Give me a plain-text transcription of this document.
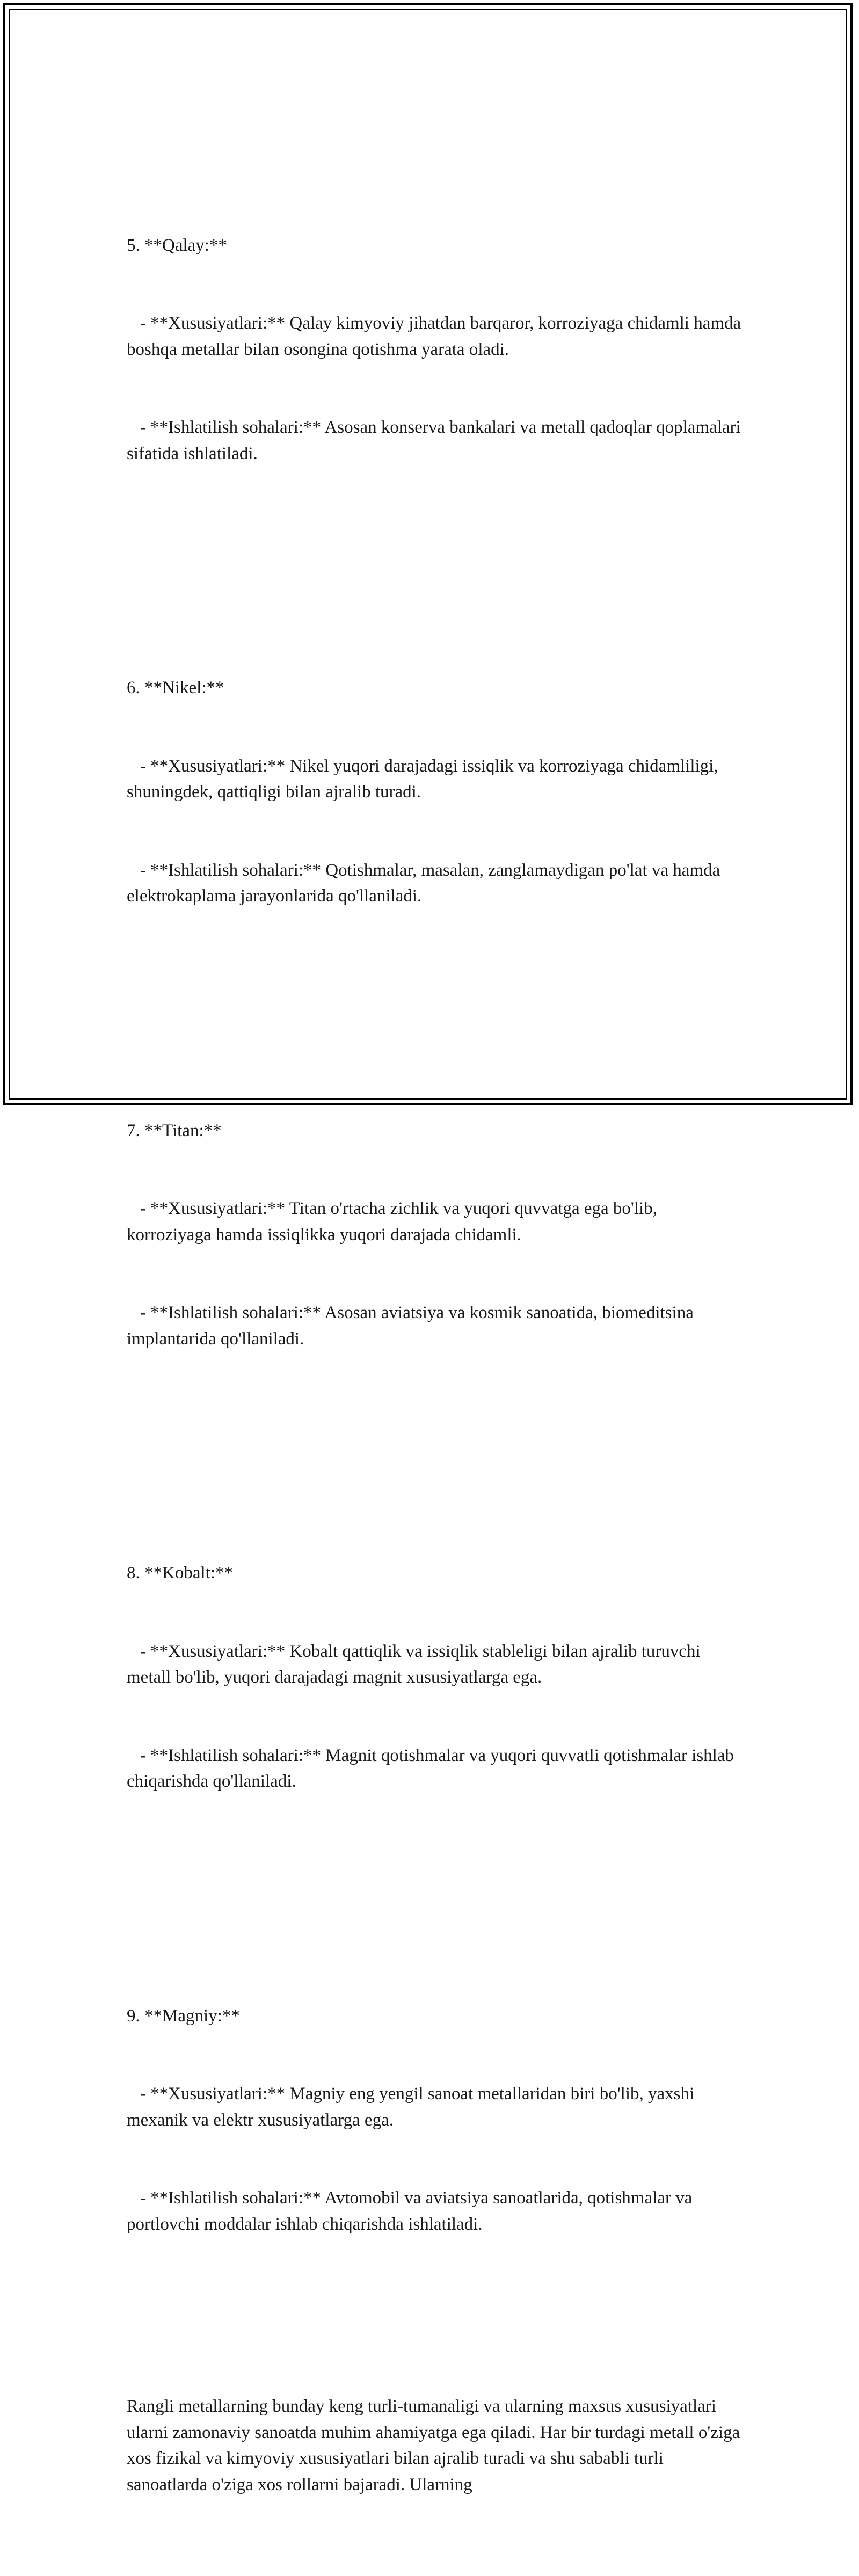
5. **Qalay:**

- **Xususiyatlari:** Qalay kimyoviy jihatdan barqaror, korroziyaga chidamli hamda boshqa metallar bilan osongina qotishma yarata oladi.

- **Ishlatilish sohalari:** Asosan konserva bankalari va metall qadoqlar qoplamalari sifatida ishlatiladi.

6. **Nikel:**

- **Xususiyatlari:** Nikel yuqori darajadagi issiqlik va korroziyaga chidamliligi, shuningdek, qattiqligi bilan ajralib turadi.

- **Ishlatilish sohalari:** Qotishmalar, masalan, zanglamaydigan po'lat va hamda elektrokaplama jarayonlarida qo'llaniladi.

7. **Titan:**

- **Xususiyatlari:** Titan o'rtacha zichlik va yuqori quvvatga ega bo'lib, korroziyaga hamda issiqlikka yuqori darajada chidamli.

- **Ishlatilish sohalari:** Asosan aviatsiya va kosmik sanoatida, biomeditsina implantarida qo'llaniladi.

8. **Kobalt:**

- **Xususiyatlari:** Kobalt qattiqlik va issiqlik stableligi bilan ajralib turuvchi metall bo'lib, yuqori darajadagi magnit xususiyatlarga ega.

- **Ishlatilish sohalari:** Magnit qotishmalar va yuqori quvvatli qotishmalar ishlab chiqarishda qo'llaniladi.

9. **Magniy:**

- **Xususiyatlari:** Magniy eng yengil sanoat metallaridan biri bo'lib, yaxshi mexanik va elektr xususiyatlarga ega.

- **Ishlatilish sohalari:** Avtomobil va aviatsiya sanoatlarida, qotishmalar va portlovchi moddalar ishlab chiqarishda ishlatiladi.

Rangli metallarning bunday keng turli-tumanaligi va ularning maxsus xususiyatlari ularni zamonaviy sanoatda muhim ahamiyatga ega qiladi. Har bir turdagi metall o'ziga xos fizikal va kimyoviy xususiyatlari bilan ajralib turadi va shu sababli turli sanoatlarda o'ziga xos rollarni bajaradi. Ularning
